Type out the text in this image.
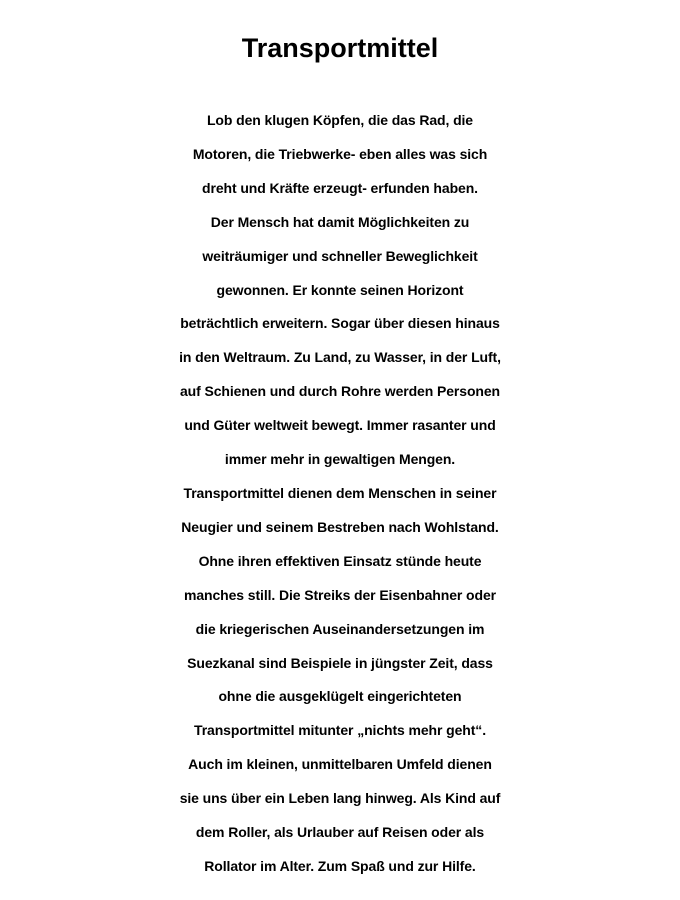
Transportmittel
Lob den klugen Köpfen, die das Rad, die
Motoren, die Triebwerke- eben alles was sich
dreht und Kräfte erzeugt- erfunden haben.
Der Mensch hat damit Möglichkeiten zu
weiträumiger und schneller Beweglichkeit
gewonnen. Er konnte seinen Horizont
beträchtlich erweitern. Sogar über diesen hinaus
in den Weltraum. Zu Land, zu Wasser, in der Luft,
auf Schienen und durch Rohre werden Personen
und Güter weltweit bewegt. Immer rasanter und
immer mehr in gewaltigen Mengen.
Transportmittel dienen dem Menschen in seiner
Neugier und seinem Bestreben nach Wohlstand.
Ohne ihren effektiven Einsatz stünde heute
manches still. Die Streiks der Eisenbahner oder
die kriegerischen Auseinandersetzungen im
Suezkanal sind Beispiele in jüngster Zeit, dass
ohne die ausgeklügelt eingerichteten
Transportmittel mitunter „nichts mehr geht“.
Auch im kleinen, unmittelbaren Umfeld dienen
sie uns über ein Leben lang hinweg. Als Kind auf
dem Roller, als Urlauber auf Reisen oder als
Rollator im Alter. Zum Spaß und zur Hilfe.
